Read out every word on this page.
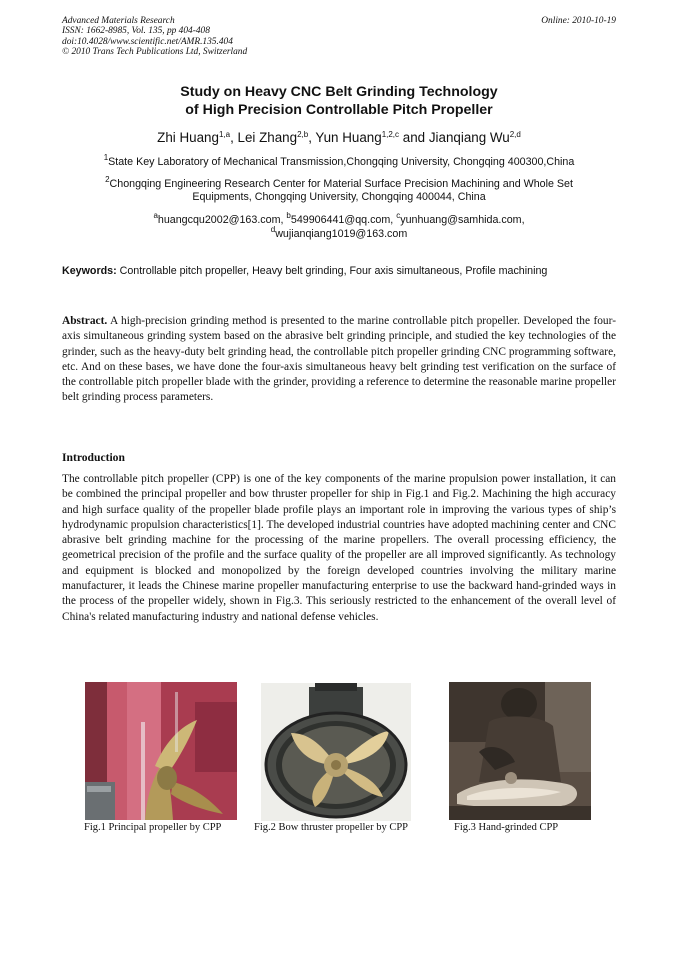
Advanced Materials Research
ISSN: 1662-8985, Vol. 135, pp 404-408
doi:10.4028/www.scientific.net/AMR.135.404
© 2010 Trans Tech Publications Ltd, Switzerland
Online: 2010-10-19
Study on Heavy CNC Belt Grinding Technology
of High Precision Controllable Pitch Propeller
Zhi Huang$^{1,a}$, Lei Zhang$^{2,b}$, Yun Huang$^{1,2,c}$ and Jianqiang Wu$^{2,d}$
$^1$State Key Laboratory of Mechanical Transmission,Chongqing University, Chongqing 400300,China
$^2$Chongqing Engineering Research Center for Material Surface Precision Machining and Whole Set
Equipments, Chongqing University, Chongqing 400044, China
$^a$huangcqu2002@163.com, $^b$549906441@qq.com, $^c$yunhuang@samhida.com,
$^d$wujianqiang1019@163.com
Keywords: Controllable pitch propeller, Heavy belt grinding, Four axis simultaneous, Profile machining
Abstract. A high-precision grinding method is presented to the marine controllable pitch propeller. Developed the four-axis simultaneous grinding system based on the abrasive belt grinding principle, and studied the key technologies of the grinder, such as the heavy-duty belt grinding head, the controllable pitch propeller grinding CNC programming software, etc. And on these bases, we have done the four-axis simultaneous heavy belt grinding test verification on the surface of the controllable pitch propeller blade with the grinder, providing a reference to determine the reasonable marine propeller belt grinding process parameters.
Introduction
The controllable pitch propeller (CPP) is one of the key components of the marine propulsion power installation, it can be combined the principal propeller and bow thruster propeller for ship in Fig.1 and Fig.2. Machining the high accuracy and high surface quality of the propeller blade profile plays an important role in improving the various types of ship’s hydrodynamic propulsion characteristics[1]. The developed industrial countries have adopted machining center and CNC abrasive belt grinding machine for the processing of the marine propellers. The overall processing efficiency, the geometrical precision of the profile and the surface quality of the propeller are all improved significantly. As technology and equipment is blocked and monopolized by the foreign developed countries involving the military marine manufacturer, it leads the Chinese marine propeller manufacturing enterprise to use the backward hand-grinded ways in the process of the propeller widely, shown in Fig.3. This seriously restricted to the enhancement of the overall level of China's related manufacturing industry and national defense vehicles.
Fig.1 Principal propeller by CPP	Fig.2 Bow thruster propeller by CPP	Fig.3 Hand-grinded CPP
